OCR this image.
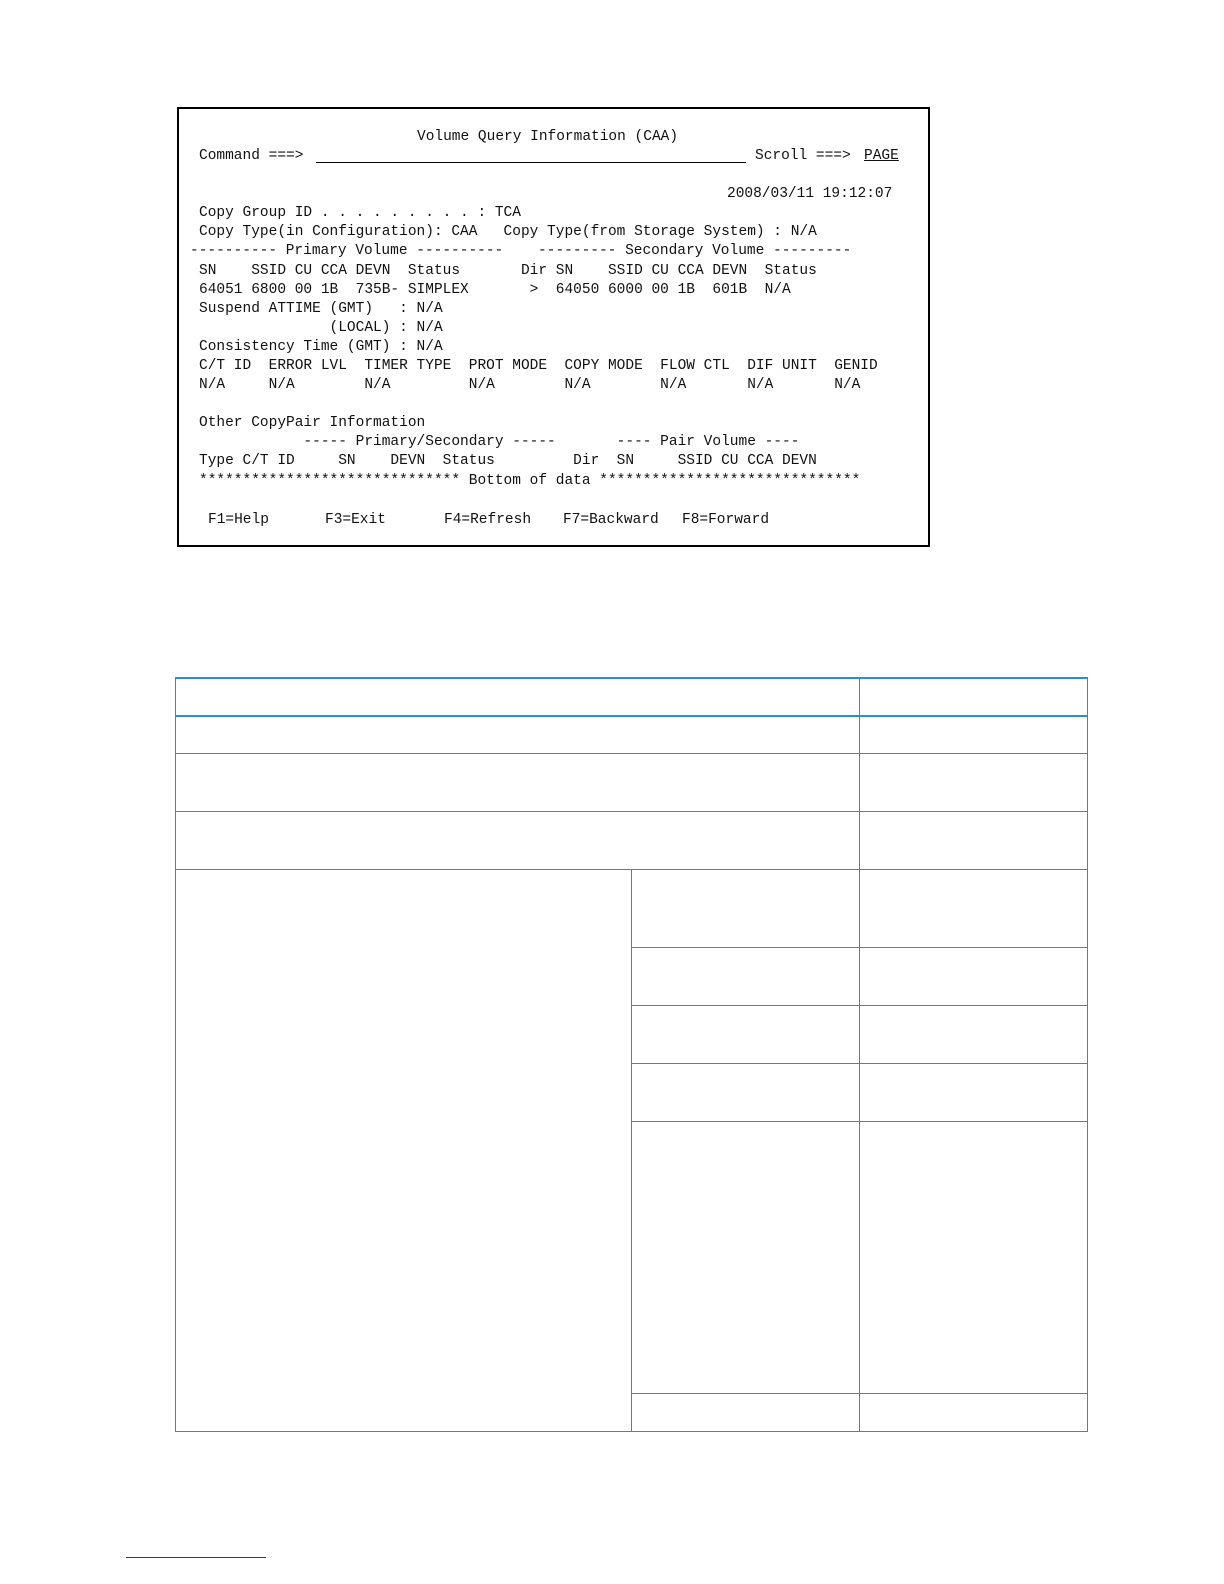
Volume Query Information (CAA)
Command ===>	Scroll ===> PAGE
2008/03/11 19:12:07
Copy Group ID . . . . . . . . . : TCA
Copy Type(in Configuration): CAA   Copy Type(from Storage System) : N/A
---------- Primary Volume ----------    --------- Secondary Volume ---------
SN    SSID CU CCA DEVN  Status       Dir SN    SSID CU CCA DEVN  Status
64051 6800 00 1B  735B- SIMPLEX       >  64050 6000 00 1B  601B  N/A
Suspend ATTIME (GMT)   : N/A
(LOCAL) : N/A
Consistency Time (GMT) : N/A
C/T ID  ERROR LVL  TIMER TYPE  PROT MODE  COPY MODE  FLOW CTL  DIF UNIT  GENID
N/A     N/A        N/A         N/A        N/A        N/A       N/A       N/A
Other CopyPair Information
----- Primary/Secondary -----       ---- Pair Volume ----
Type C/T ID     SN    DEVN  Status         Dir  SN     SSID CU CCA DEVN
****************************** Bottom of data ******************************
F1=Help	F3=Exit	F4=Refresh F7=Backward F8=Forward
